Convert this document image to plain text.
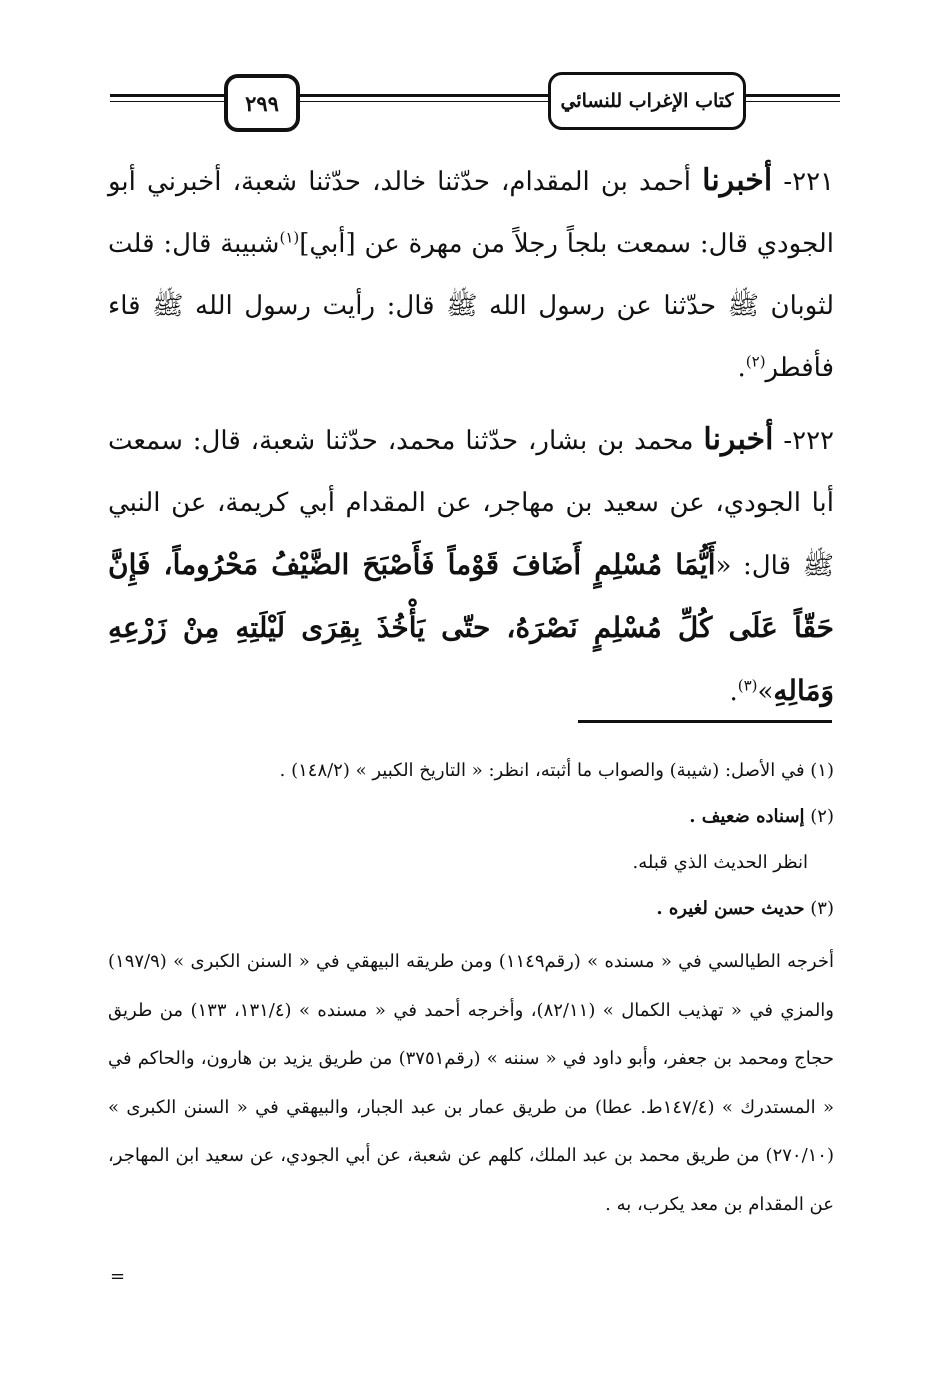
كتاب الإغراب للنسائي
٢٩٩

٢٢١- أخبرنا أحمد بن المقدام، حدّثنا خالد، حدّثنا شعبة، أخبرني أبو الجودي قال: سمعت بلجاً رجلاً من مهرة عن [أبي]$^{(١)}$شبيبة قال: قلت لثوبان ﷺ حدّثنا عن رسول الله ﷺ قال: رأيت رسول الله ﷺ قاء فأفطر$^{(٢)}$.

٢٢٢- أخبرنا محمد بن بشار، حدّثنا محمد، حدّثنا شعبة، قال: سمعت أبا الجودي، عن سعيد بن مهاجر، عن المقدام أبي كريمة، عن النبي ﷺ قال: «أَيُّمَا مُسْلِمٍ أَضَافَ قَوْماً فَأَصْبَحَ الضَّيْفُ مَحْرُوماً، فَإِنَّ حَقّاً عَلَى كُلِّ مُسْلِمٍ نَصْرَهُ، حتّى يَأْخُذَ بِقِرَى لَيْلَتِهِ مِنْ زَرْعِهِ وَمَالِهِ»$^{(٣)}$.

(١) في الأصل: (شيبة) والصواب ما أثبته، انظر: « التاريخ الكبير » (١٤٨/٢) .

(٢) إسناده ضعيف .

انظر الحديث الذي قبله.

(٣) حديث حسن لغيره .

أخرجه الطيالسي في « مسنده » (رقم١١٤٩) ومن طريقه البيهقي في « السنن الكبرى » (١٩٧/٩) والمزي في « تهذيب الكمال » (٨٢/١١)، وأخرجه أحمد في « مسنده » (١٣١/٤، ١٣٣) من طريق حجاج ومحمد بن جعفر، وأبو داود في « سننه » (رقم٣٧٥١) من طريق يزيد بن هارون، والحاكم في « المستدرك » (١٤٧/٤ط. عطا) من طريق عمار بن عبد الجبار، والبيهقي في « السنن الكبرى » (٢٧٠/١٠) من طريق محمد بن عبد الملك، كلهم عن شعبة، عن أبي الجودي، عن سعيد ابن المهاجر، عن المقدام بن معد يكرب، به .

=
